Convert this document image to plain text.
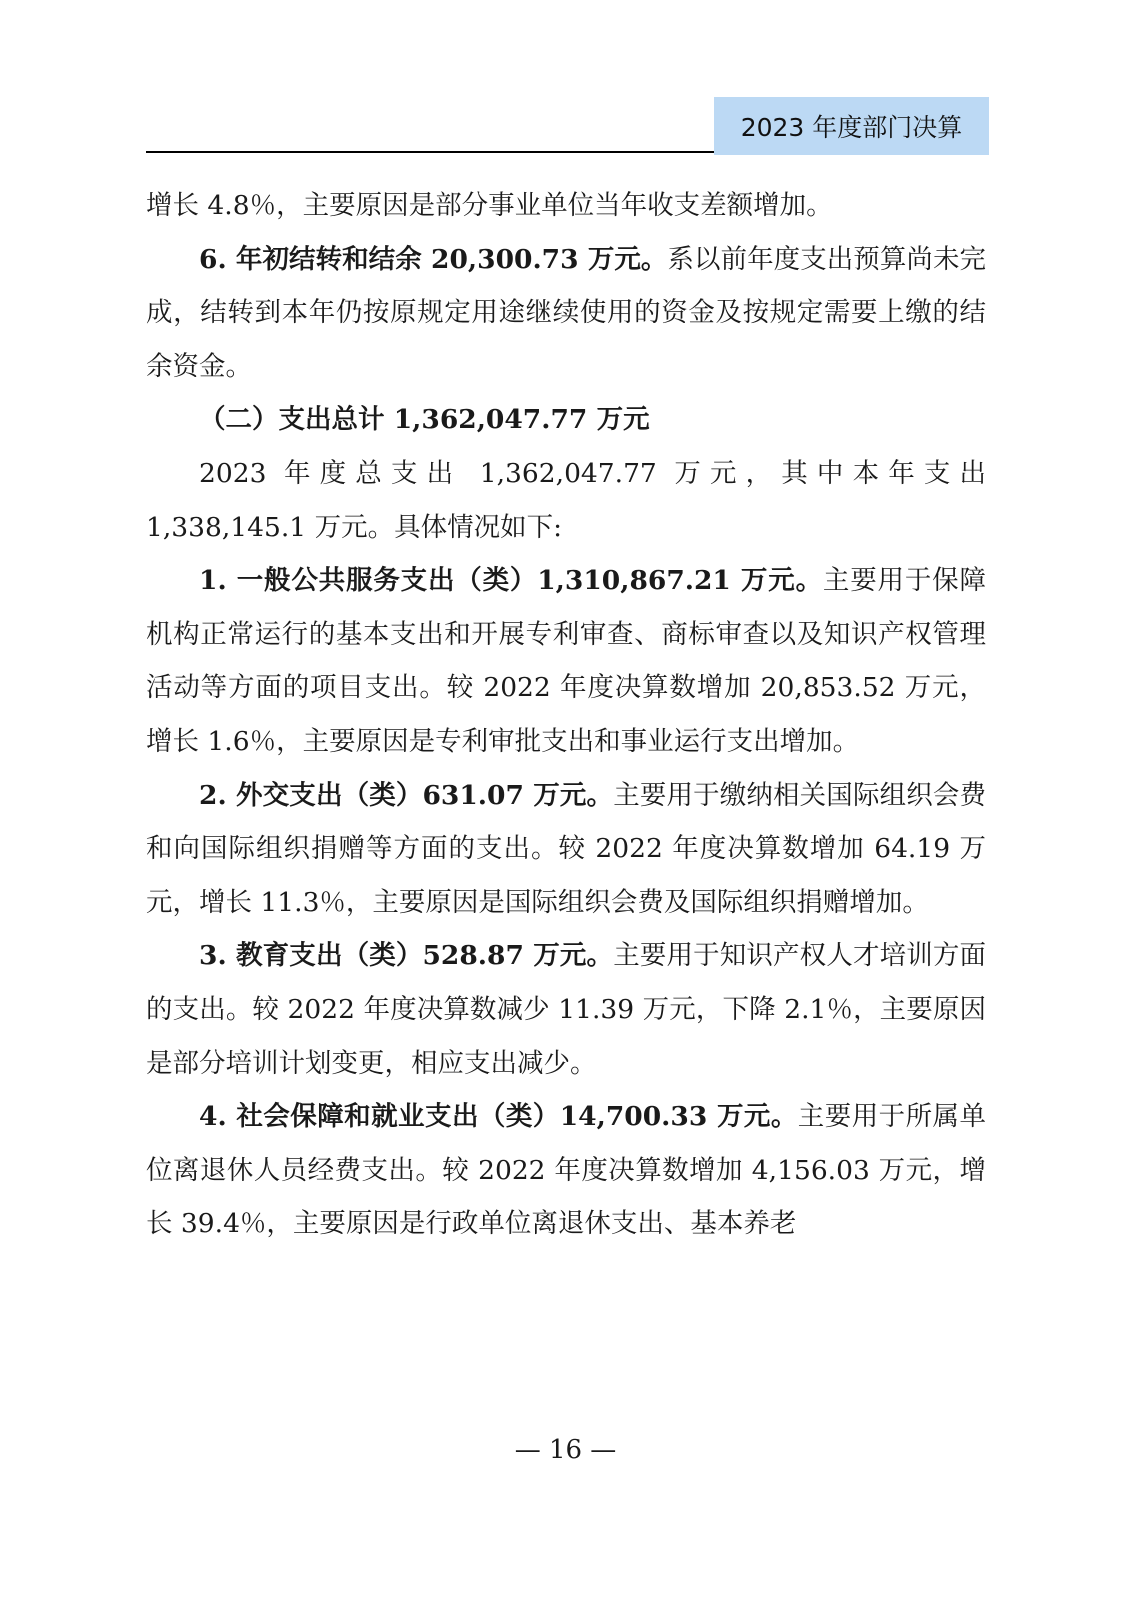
2023 年度部门决算

增长 4.8％，主要原因是部分事业单位当年收支差额增加。

6. 年初结转和结余 20,300.73 万元。系以前年度支出预算尚未完成，结转到本年仍按原规定用途继续使用的资金及按规定需要上缴的结余资金。

（二）支出总计 1,362,047.77 万元

2023 年度总支出 1,362,047.77 万元，其中本年支出 1,338,145.1 万元。具体情况如下:

1. 一般公共服务支出（类）1,310,867.21 万元。主要用于保障机构正常运行的基本支出和开展专利审查、商标审查以及知识产权管理活动等方面的项目支出。较 2022 年度决算数增加 20,853.52 万元，增长 1.6％，主要原因是专利审批支出和事业运行支出增加。

2. 外交支出（类）631.07 万元。主要用于缴纳相关国际组织会费和向国际组织捐赠等方面的支出。较 2022 年度决算数增加 64.19 万元，增长 11.3％，主要原因是国际组织会费及国际组织捐赠增加。

3. 教育支出（类）528.87 万元。主要用于知识产权人才培训方面的支出。较 2022 年度决算数减少 11.39 万元，下降 2.1％，主要原因是部分培训计划变更，相应支出减少。

4. 社会保障和就业支出（类）14,700.33 万元。主要用于所属单位离退休人员经费支出。较 2022 年度决算数增加 4,156.03 万元，增长 39.4％，主要原因是行政单位离退休支出、基本养老

— 16 —
